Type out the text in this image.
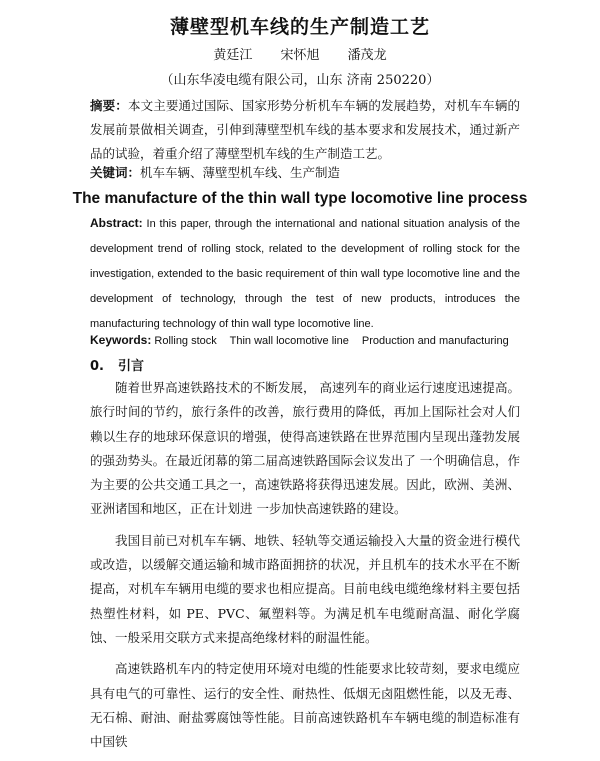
薄壁型机车线的生产制造工艺
黄廷江 宋怀旭 潘茂龙
（山东华凌电缆有限公司，山东 济南 250220）
摘要：本文主要通过国际、国家形势分析机车车辆的发展趋势，对机车车辆的发展前景做相关调查，引伸到薄壁型机车线的基本要求和发展技术，通过新产品的试验，着重介绍了薄壁型机车线的生产制造工艺。
关键词：机车车辆、薄壁型机车线、生产制造
The manufacture of the thin wall type locomotive line process
Abstract: In this paper, through the international and national situation analysis of the development trend of rolling stock, related to the development of rolling stock for the investigation, extended to the basic requirement of thin wall type locomotive line and the development of technology, through the test of new products, introduces the manufacturing technology of thin wall type locomotive line.
Keywords: Rolling stock Thin wall locomotive line Production and manufacturing
0. 引言

随着世界高速铁路技术的不断发展， 高速列车的商业运行速度迅速提高。旅行时间的节约，旅行条件的改善，旅行费用的降低，再加上国际社会对人们赖以生存的地球环保意识的增强，使得高速铁路在世界范围内呈现出蓬勃发展的强劲势头。在最近闭幕的第二届高速铁路国际会议发出了 一个明确信息，作为主要的公共交通工具之一，高速铁路将获得迅速发展。因此，欧洲、美洲、亚洲诸国和地区，正在计划进 一步加快高速铁路的建设。

我国目前已对机车车辆、地铁、轻轨等交通运输投入大量的资金进行模代或改造，以缓解交通运输和城市路面拥挤的状况，并且机车的技术水平在不断提高，对机车车辆用电缆的要求也相应提高。目前电线电缆绝缘材料主要包括热塑性材料，如 PE、PVC、氟塑料等。为满足机车电缆耐高温、耐化学腐蚀、一般采用交联方式来提高绝缘材料的耐温性能。

高速铁路机车内的特定使用环境对电缆的性能要求比较苛刻，要求电缆应具有电气的可靠性、运行的安全性、耐热性、低烟无卤阻燃性能，以及无毒、无石棉、耐油、耐盐雾腐蚀等性能。目前高速铁路机车车辆电缆的制造标准有中国铁
